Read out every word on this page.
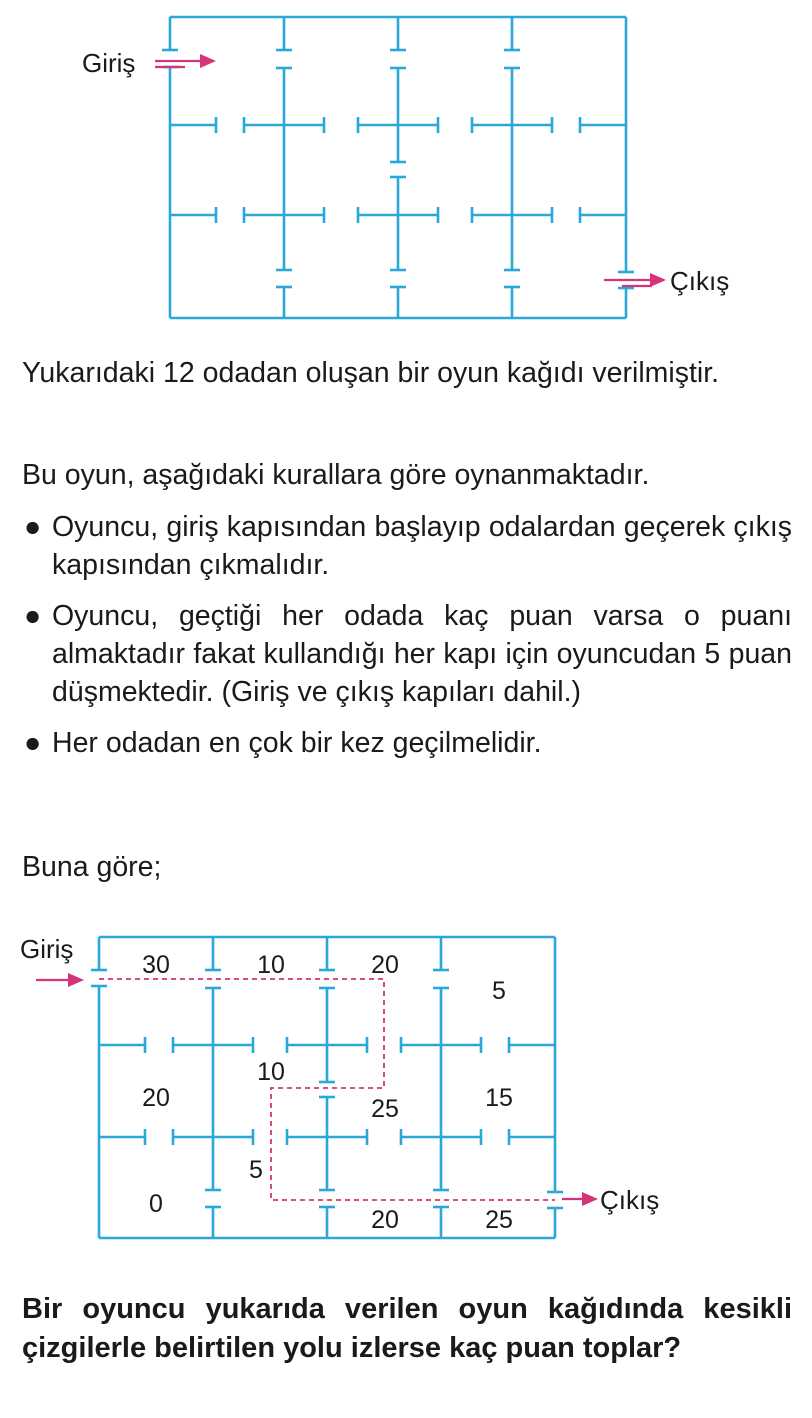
Giriş
Çıkış

Yukarıdaki 12 odadan oluşan bir oyun kağıdı verilmiştir.

Bu oyun, aşağıdaki kurallara göre oynanmaktadır.

● Oyuncu, giriş kapısından başlayıp odalardan geçerek çıkış kapısından çıkmalıdır.
● Oyuncu, geçtiği her odada kaç puan varsa o puanı almaktadır fakat kullandığı her kapı için oyuncudan 5 puan düşmektedir. (Giriş ve çıkış kapıları dahil.)
● Her odadan en çok bir kez geçilmelidir.

Buna göre;

Giriş
Çıkış
30	10	20
5
20
10
25	15
0
5
20	25

Bir oyuncu yukarıda verilen oyun kağıdında kesikli çizgilerle belirtilen yolu izlerse kaç puan toplar?
